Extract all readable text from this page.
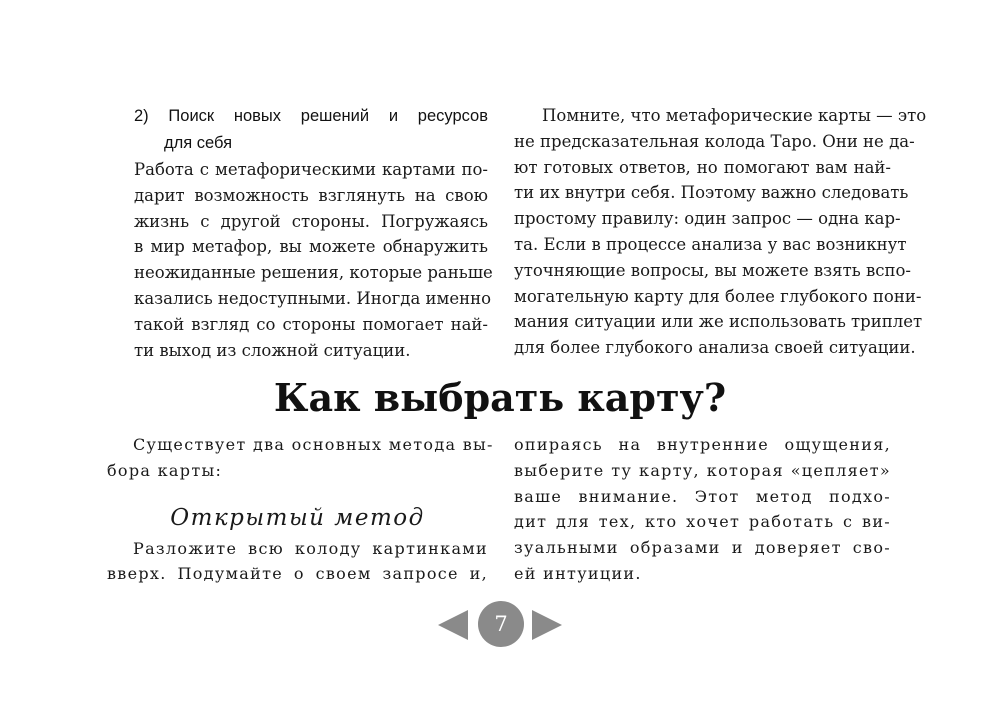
2) Поиск новых решений и ресурсов
для себя
Работа с метафорическими картами по-
дарит возможность взглянуть на свою
жизнь с другой стороны. Погружаясь
в мир метафор, вы можете обнаружить
неожиданные решения, которые раньше
казались недоступными. Иногда именно
такой взгляд со стороны помогает най-
ти выход из сложной ситуации.
Помните, что метафорические карты — это
не предсказательная колода Таро. Они не да-
ют готовых ответов, но помогают вам най-
ти их внутри себя. Поэтому важно следовать
простому правилу: один запрос — одна кар-
та. Если в процессе анализа у вас возникнут
уточняющие вопросы, вы можете взять вспо-
могательную карту для более глубокого пони-
мания ситуации или же использовать триплет
для более глубокого анализа своей ситуации.
Как выбрать карту?
Существует два основных метода вы-
бора карты:
Открытый метод
Разложите всю колоду картинками
вверх. Подумайте о своем запросе и,
опираясь на внутренние ощущения,
выберите ту карту, которая «цепляет»
ваше внимание. Этот метод подхо-
дит для тех, кто хочет работать с ви-
зуальными образами и доверяет сво-
ей интуиции.
7
